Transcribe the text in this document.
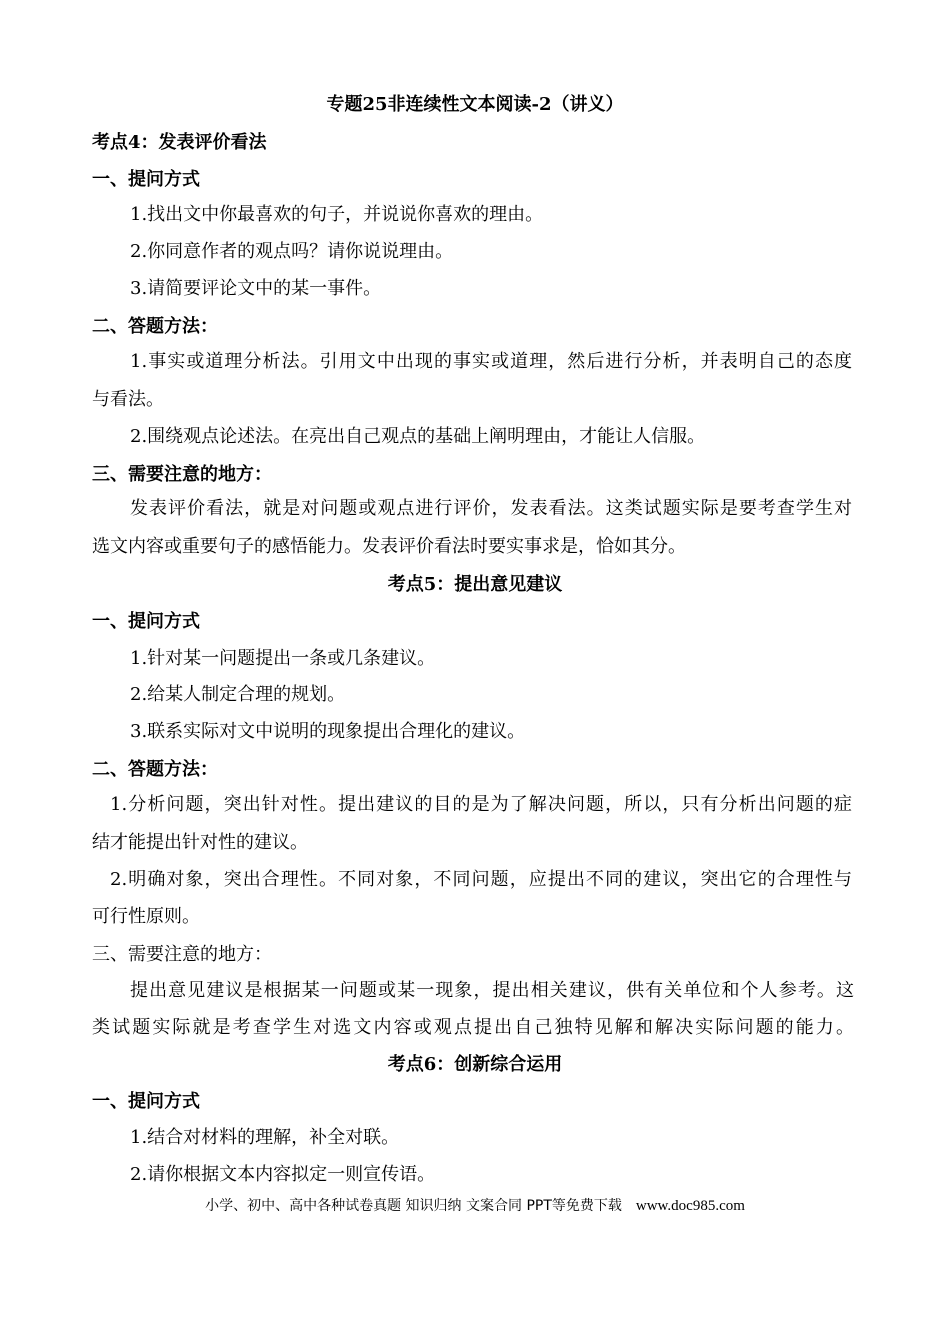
专题25非连续性文本阅读-2（讲义）
考点4：发表评价看法
一、提问方式
1.找出文中你最喜欢的句子，并说说你喜欢的理由。
2.你同意作者的观点吗？请你说说理由。
3.请简要评论文中的某一事件。
二、答题方法：
1.事实或道理分析法。引用文中出现的事实或道理，然后进行分析，并表明自己的态度
与看法。
2.围绕观点论述法。在亮出自己观点的基础上阐明理由，才能让人信服。
三、需要注意的地方：
发表评价看法，就是对问题或观点进行评价，发表看法。这类试题实际是要考查学生对
选文内容或重要句子的感悟能力。发表评价看法时要实事求是，恰如其分。
考点5：提出意见建议
一、提问方式
1.针对某一问题提出一条或几条建议。
2.给某人制定合理的规划。
3.联系实际对文中说明的现象提出合理化的建议。
二、答题方法：
1.分析问题，突出针对性。提出建议的目的是为了解决问题，所以，只有分析出问题的症
结才能提出针对性的建议。
2.明确对象，突出合理性。不同对象，不同问题，应提出不同的建议，突出它的合理性与
可行性原则。
三、需要注意的地方：
提出意见建议是根据某一问题或某一现象，提出相关建议，供有关单位和个人参考。这
类试题实际就是考查学生对选文内容或观点提出自己独特见解和解决实际问题的能力。
考点6：创新综合运用
一、提问方式
1.结合对材料的理解，补全对联。
2.请你根据文本内容拟定一则宣传语。
小学、初中、高中各种试卷真题 知识归纳 文案合同 PPT等免费下载 www.doc985.com
